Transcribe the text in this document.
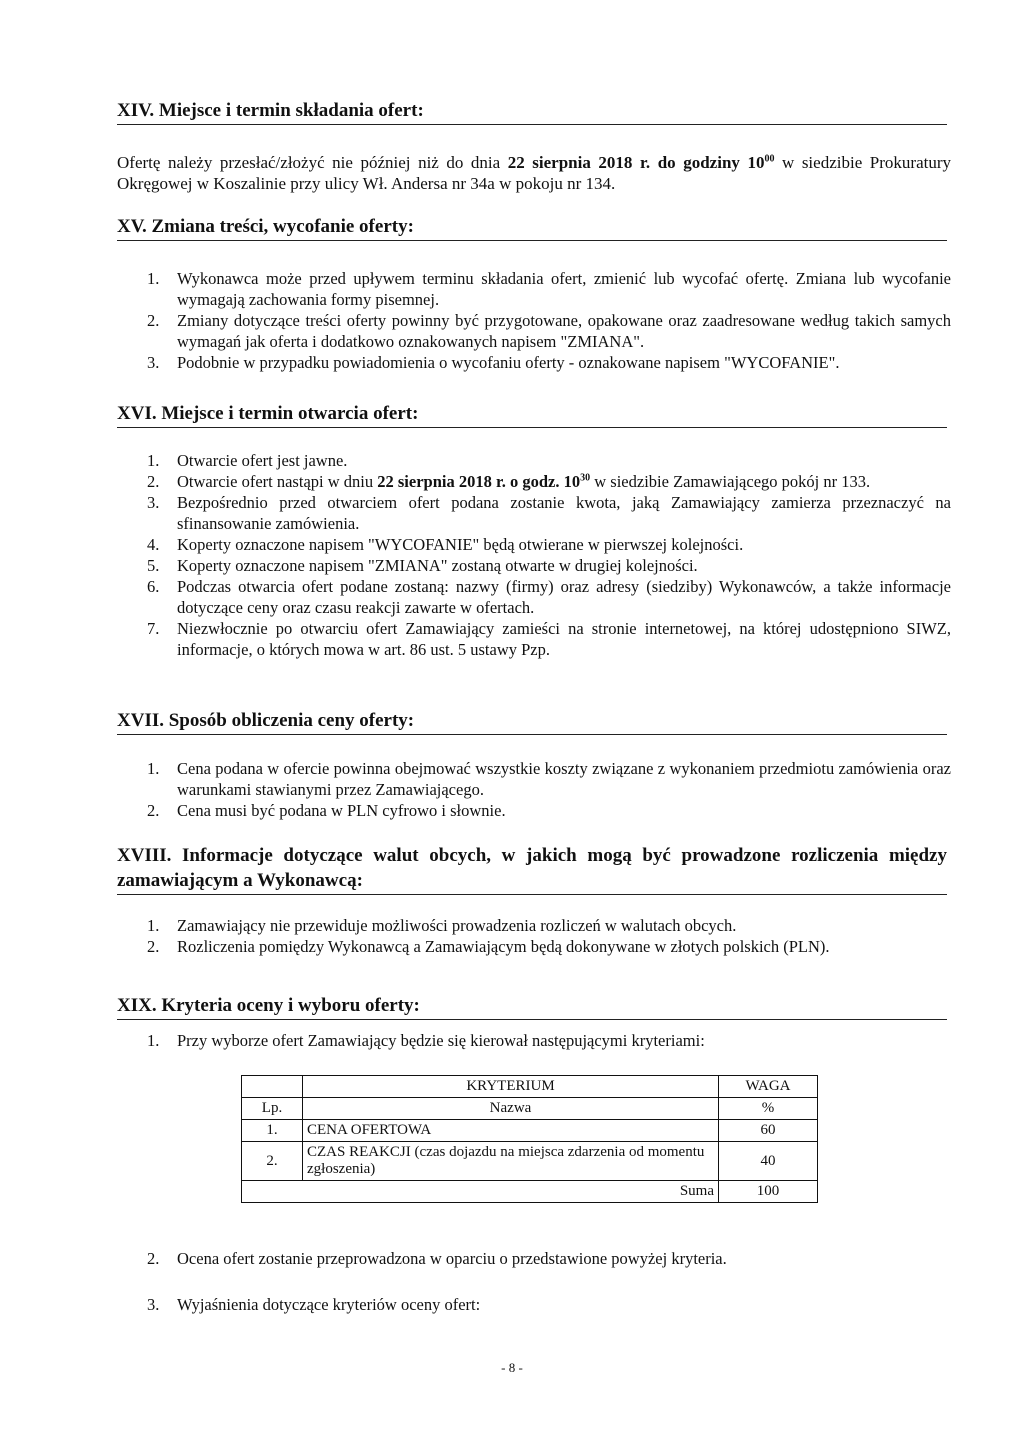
XIV. Miejsce i termin składania ofert:
Ofertę należy przesłać/złożyć nie później niż do dnia 22 sierpnia 2018 r. do godziny $10^{00}$ w siedzibie Prokuratury Okręgowej w Koszalinie przy ulicy Wł. Andersa nr 34a w pokoju nr 134.
XV. Zmiana treści, wycofanie oferty:
1. Wykonawca może przed upływem terminu składania ofert, zmienić lub wycofać ofertę. Zmiana lub wycofanie wymagają zachowania formy pisemnej.
2. Zmiany dotyczące treści oferty powinny być przygotowane, opakowane oraz zaadresowane według takich samych wymagań jak oferta i dodatkowo oznakowanych napisem "ZMIANA".
3. Podobnie w przypadku powiadomienia o wycofaniu oferty - oznakowane napisem "WYCOFANIE".
XVI. Miejsce i termin otwarcia ofert:
1. Otwarcie ofert jest jawne.
2. Otwarcie ofert nastąpi w dniu 22 sierpnia 2018 r. o godz. $10^{30}$ w siedzibie Zamawiającego pokój nr 133.
3. Bezpośrednio przed otwarciem ofert podana zostanie kwota, jaką Zamawiający zamierza przeznaczyć na sfinansowanie zamówienia.
4. Koperty oznaczone napisem "WYCOFANIE" będą otwierane w pierwszej kolejności.
5. Koperty oznaczone napisem "ZMIANA" zostaną otwarte w drugiej kolejności.
6. Podczas otwarcia ofert podane zostaną: nazwy (firmy) oraz adresy (siedziby) Wykonawców, a także informacje dotyczące ceny oraz czasu reakcji zawarte w ofertach.
7. Niezwłocznie po otwarciu ofert Zamawiający zamieści na stronie internetowej, na której udostępniono SIWZ, informacje, o których mowa w art. 86 ust. 5 ustawy Pzp.
XVII. Sposób obliczenia ceny oferty:
1. Cena podana w ofercie powinna obejmować wszystkie koszty związane z wykonaniem przedmiotu zamówienia oraz warunkami stawianymi przez Zamawiającego.
2. Cena musi być podana w PLN cyfrowo i słownie.
XVIII. Informacje dotyczące walut obcych, w jakich mogą być prowadzone rozliczenia między zamawiającym a Wykonawcą:
1. Zamawiający nie przewiduje możliwości prowadzenia rozliczeń w walutach obcych.
2. Rozliczenia pomiędzy Wykonawcą a Zamawiającym będą dokonywane w złotych polskich (PLN).
XIX. Kryteria oceny i wyboru oferty:
1. Przy wyborze ofert Zamawiający będzie się kierował następującymi kryteriami:
	KRYTERIUM	WAGA
Lp.	Nazwa	%
1.	CENA OFERTOWA	60
2.	CZAS REAKCJI (czas dojazdu na miejsca zdarzenia od momentu zgłoszenia)	40
Suma		100
2. Ocena ofert zostanie przeprowadzona w oparciu o przedstawione powyżej kryteria.
3. Wyjaśnienia dotyczące kryteriów oceny ofert:
- 8 -
